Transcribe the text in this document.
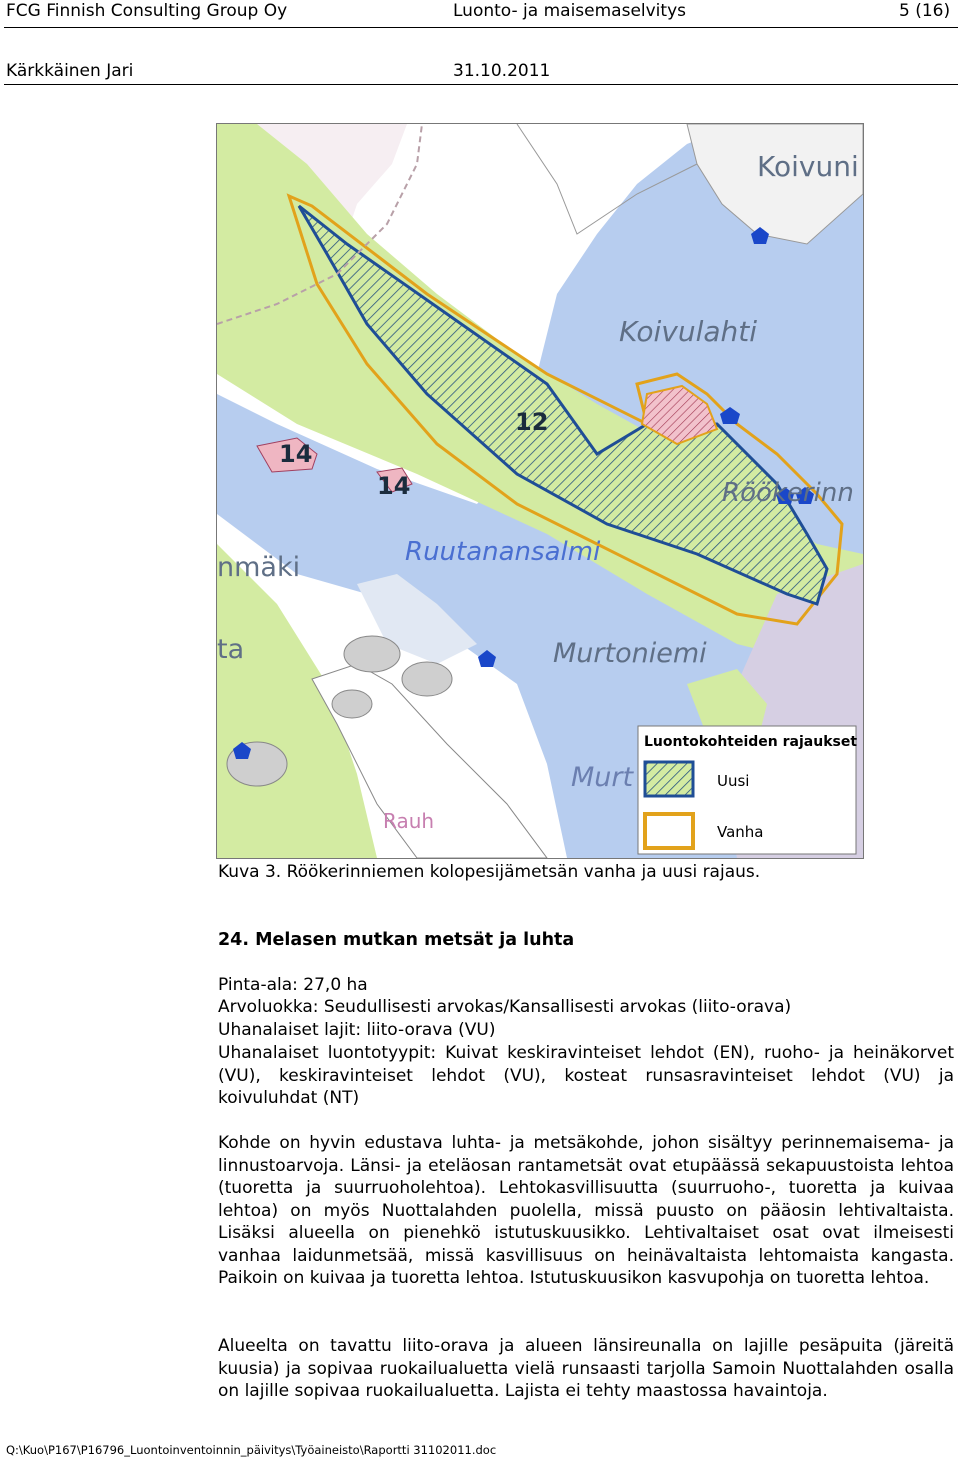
FCG Finnish Consulting Group Oy	Luonto- ja maisemaselvitys	5 (16)
Kärkkäinen Jari	31.10.2011
Koivuni
Koivulahti
Röökerinn
Ruutanansalmi
Murtoniemi
Murt
nmäki
ta
Rauh
12
14
14
Luontokohteiden rajaukset
Uusi
Vanha
Kuva 3. Röökerinniemen kolopesijämetsän vanha ja uusi rajaus.
24. Melasen mutkan metsät ja luhta
Pinta-ala: 27,0 ha
Arvoluokka: Seudullisesti arvokas/Kansallisesti arvokas (liito-orava)
Uhanalaiset lajit: liito-orava (VU)
Uhanalaiset luontotyypit: Kuivat keskiravinteiset lehdot (EN), ruoho- ja heinäkorvet (VU), keskiravinteiset lehdot (VU), kosteat runsasravinteiset lehdot (VU) ja koivuluhdat (NT)
Kohde on hyvin edustava luhta- ja metsäkohde, johon sisältyy perinnemaisema- ja linnustoarvoja. Länsi- ja eteläosan rantametsät ovat etupäässä sekapuustoista lehtoa (tuoretta ja suurruoholehtoa). Lehtokasvillisuutta (suurruoho-, tuoretta ja kuivaa lehtoa) on myös Nuottalahden puolella, missä puusto on pääosin lehtivaltaista. Lisäksi alueella on pienehkö istutuskuusikko. Lehtivaltaiset osat ovat ilmeisesti vanhaa laidunmetsää, missä kasvillisuus on heinävaltaista lehtomaista kangasta. Paikoin on kuivaa ja tuoretta lehtoa. Istutuskuusikon kasvupohja on tuoretta lehtoa.
Alueelta on tavattu liito-orava ja alueen länsireunalla on lajille pesäpuita (järeitä kuusia) ja sopivaa ruokailualuetta vielä runsaasti tarjolla Samoin Nuottalahden osalla on lajille sopivaa ruokailualuetta. Lajista ei tehty maastossa havaintoja.
Q:\Kuo\P167\P16796_Luontoinventoinnin_päivitys\Työaineisto\Raportti 31102011.doc
